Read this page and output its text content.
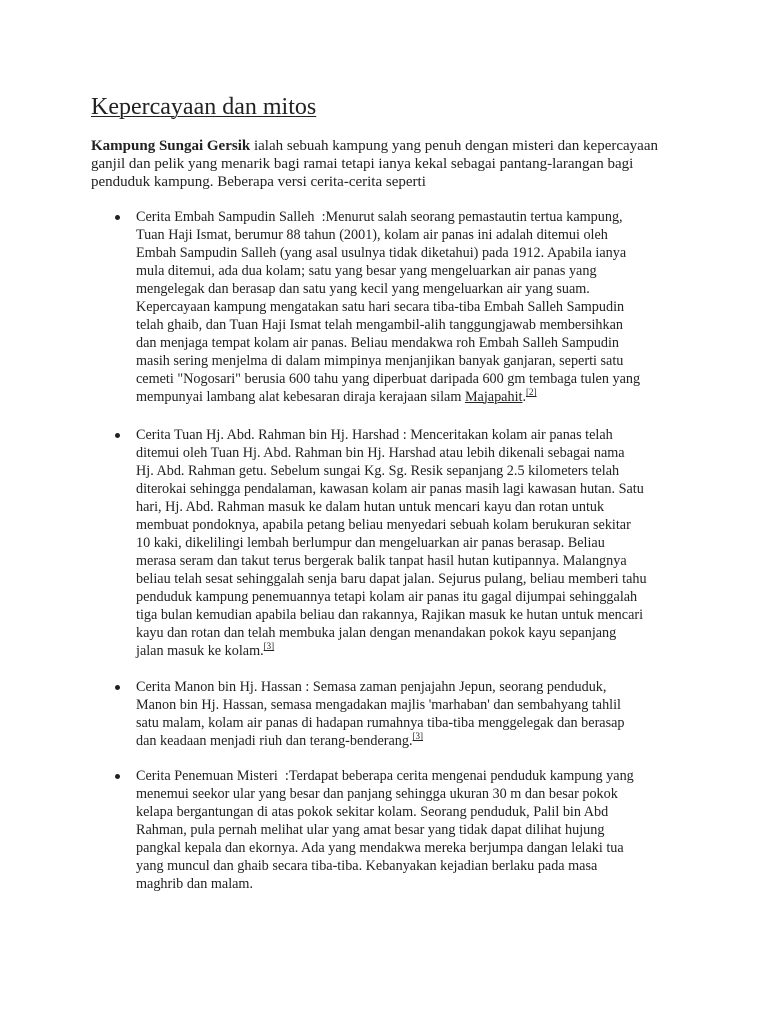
Kepercayaan dan mitos
Kampung Sungai Gersik ialah sebuah kampung yang penuh dengan misteri dan kepercayaan
ganjil dan pelik yang menarik bagi ramai tetapi ianya kekal sebagai pantang-larangan bagi
penduduk kampung. Beberapa versi cerita-cerita seperti
Cerita Embah Sampudin Salleh  :Menurut salah seorang pemastautin tertua kampung,
Tuan Haji Ismat, berumur 88 tahun (2001), kolam air panas ini adalah ditemui oleh
Embah Sampudin Salleh (yang asal usulnya tidak diketahui) pada 1912. Apabila ianya
mula ditemui, ada dua kolam; satu yang besar yang mengeluarkan air panas yang
mengelegak dan berasap dan satu yang kecil yang mengeluarkan air yang suam.
Kepercayaan kampung mengatakan satu hari secara tiba-tiba Embah Salleh Sampudin
telah ghaib, dan Tuan Haji Ismat telah mengambil-alih tanggungjawab membersihkan
dan menjaga tempat kolam air panas. Beliau mendakwa roh Embah Salleh Sampudin
masih sering menjelma di dalam mimpinya menjanjikan banyak ganjaran, seperti satu
cemeti "Nogosari" berusia 600 tahu yang diperbuat daripada 600 gm tembaga tulen yang
mempunyai lambang alat kebesaran diraja kerajaan silam Majapahit.[2]
Cerita Tuan Hj. Abd. Rahman bin Hj. Harshad : Menceritakan kolam air panas telah
ditemui oleh Tuan Hj. Abd. Rahman bin Hj. Harshad atau lebih dikenali sebagai nama
Hj. Abd. Rahman getu. Sebelum sungai Kg. Sg. Resik sepanjang 2.5 kilometers telah
diterokai sehingga pendalaman, kawasan kolam air panas masih lagi kawasan hutan. Satu
hari, Hj. Abd. Rahman masuk ke dalam hutan untuk mencari kayu dan rotan untuk
membuat pondoknya, apabila petang beliau menyedari sebuah kolam berukuran sekitar
10 kaki, dikelilingi lembah berlumpur dan mengeluarkan air panas berasap. Beliau
merasa seram dan takut terus bergerak balik tanpat hasil hutan kutipannya. Malangnya
beliau telah sesat sehinggalah senja baru dapat jalan. Sejurus pulang, beliau memberi tahu
penduduk kampung penemuannya tetapi kolam air panas itu gagal dijumpai sehinggalah
tiga bulan kemudian apabila beliau dan rakannya, Rajikan masuk ke hutan untuk mencari
kayu dan rotan dan telah membuka jalan dengan menandakan pokok kayu sepanjang
jalan masuk ke kolam.[3]
Cerita Manon bin Hj. Hassan : Semasa zaman penjajahn Jepun, seorang penduduk,
Manon bin Hj. Hassan, semasa mengadakan majlis 'marhaban' dan sembahyang tahlil
satu malam, kolam air panas di hadapan rumahnya tiba-tiba menggelegak dan berasap
dan keadaan menjadi riuh dan terang-benderang.[3]
Cerita Penemuan Misteri  :Terdapat beberapa cerita mengenai penduduk kampung yang
menemui seekor ular yang besar dan panjang sehingga ukuran 30 m dan besar pokok
kelapa bergantungan di atas pokok sekitar kolam. Seorang penduduk, Palil bin Abd
Rahman, pula pernah melihat ular yang amat besar yang tidak dapat dilihat hujung
pangkal kepala dan ekornya. Ada yang mendakwa mereka berjumpa dangan lelaki tua
yang muncul dan ghaib secara tiba-tiba. Kebanyakan kejadian berlaku pada masa
maghrib dan malam.
